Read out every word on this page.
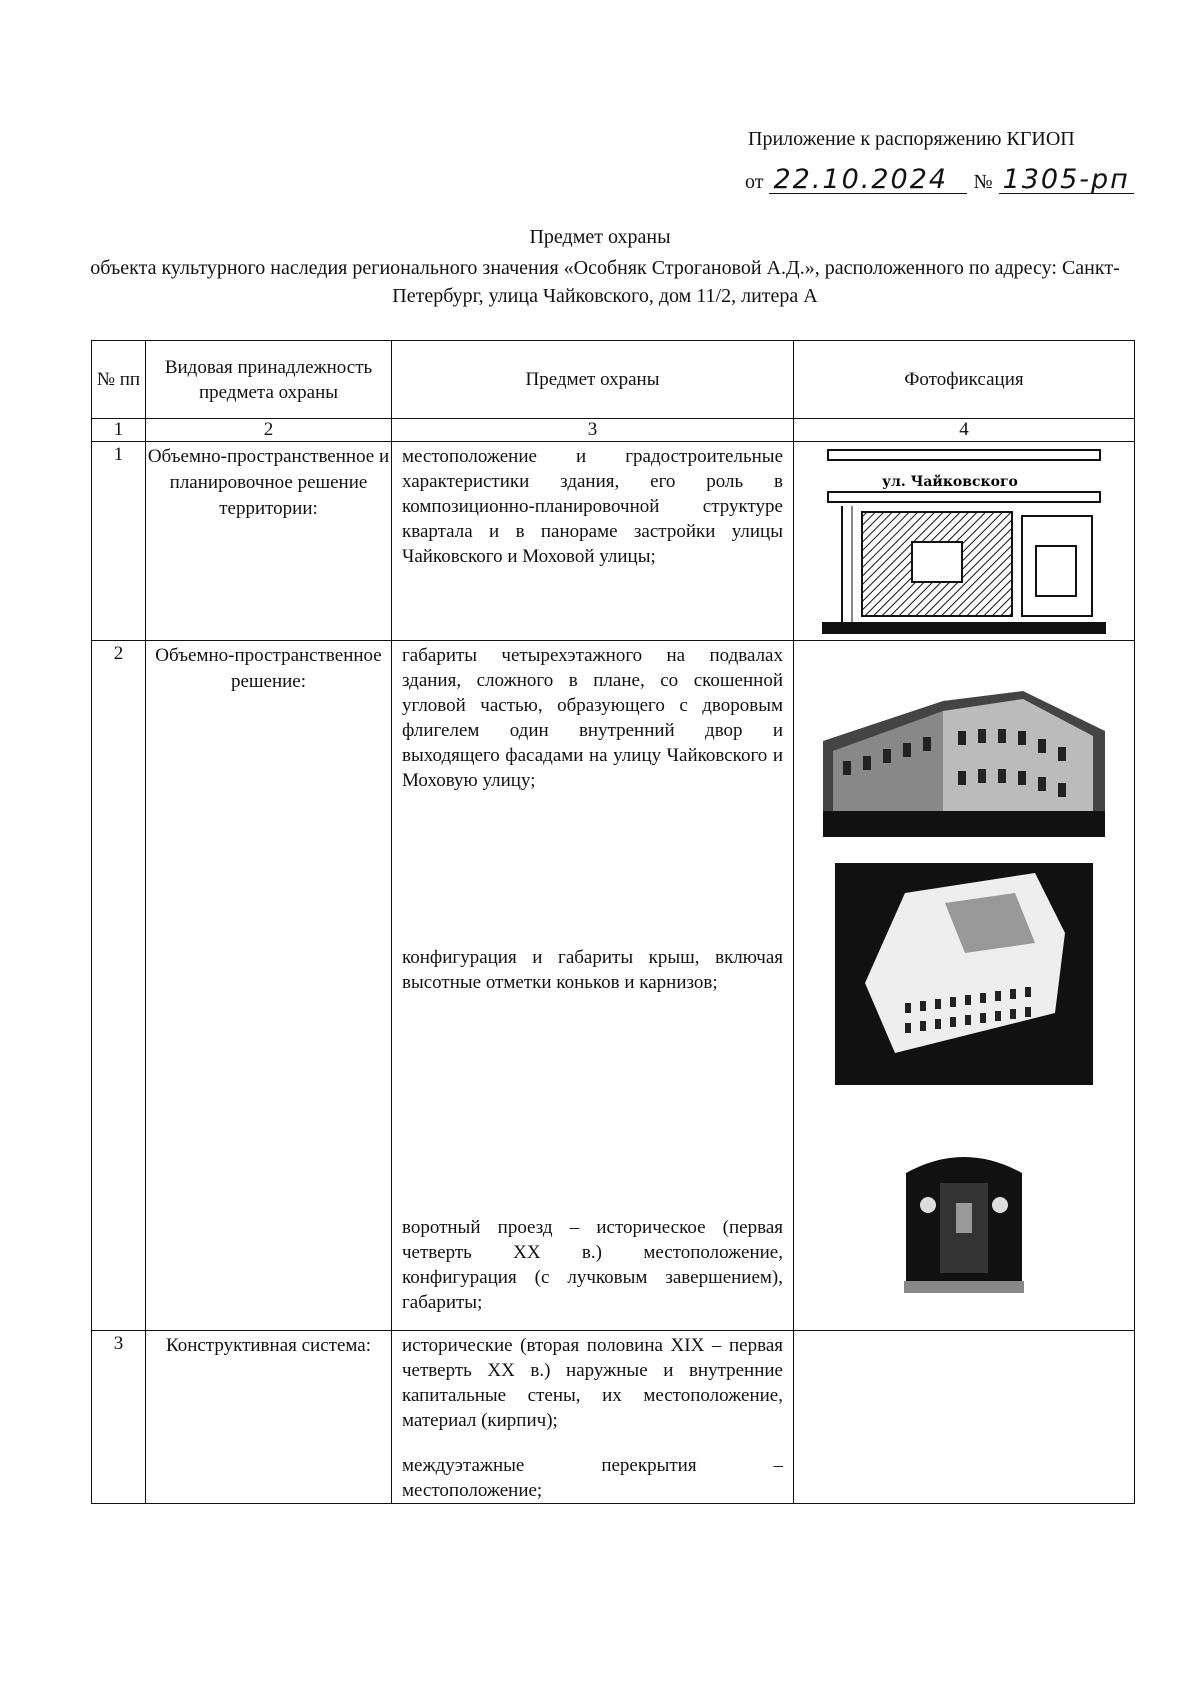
Приложение к распоряжению КГИОП
от 22.10.2024	№ 1305-рп
Предмет охраны
объекта культурного наследия регионального значения «Особняк Строгановой А.Д.», расположенного по адресу: Санкт-Петербург, улица Чайковского, дом 11/2, литера А
№ пп	Видовая принадлежность предмета охраны	Предмет охраны	Фотофиксация
1	2	3	4
1	Объемно-пространственное и планировочное решение территории:	местоположение и градостроительные характеристики здания, его роль в композиционно-планировочной структуре квартала и в панораме застройки улицы Чайковского и Моховой улицы;	ул. Чайковского

2	Объемно-пространственное решение:	габариты четырехэтажного на подвалах здания, сложного в плане, со скошенной угловой частью, образующего с дворовым флигелем один внутренний двор и выходящего фасадами на улицу Чайковского и Моховую улицу;
конфигурация и габариты крыш, включая высотные отметки коньков и карнизов;
воротный проезд – историческое (первая четверть XX в.) местоположение, конфигурация (с лучковым завершением), габариты;

3	Конструктивная система:	исторические (вторая половина XIX – первая четверть XX в.) наружные и внутренние капитальные стены, их местоположение, материал (кирпич);
междуэтажные перекрытия – местоположение;	
